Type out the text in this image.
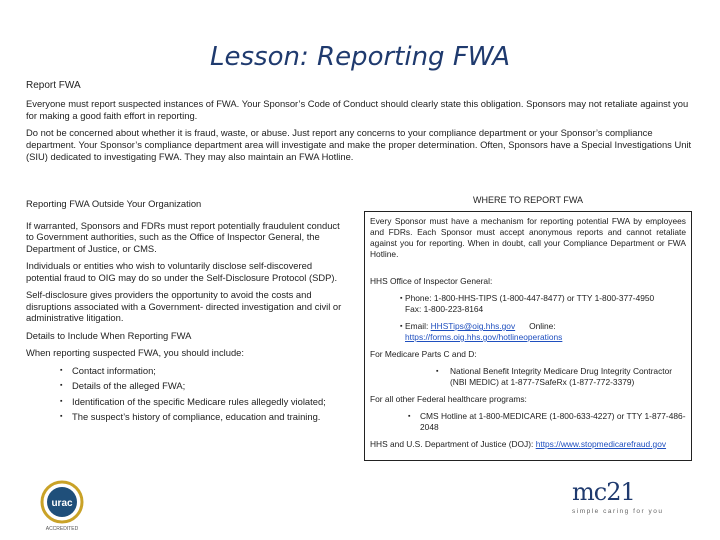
Lesson: Reporting FWA
Report FWA

Everyone must report suspected instances of FWA. Your Sponsor’s Code of Conduct should clearly state this obligation. Sponsors may not retaliate against you for making a good faith effort in reporting.

Do not be concerned about whether it is fraud, waste, or abuse. Just report any concerns to your compliance department or your Sponsor’s compliance department. Your Sponsor’s compliance department area will investigate and make the proper determination. Often, Sponsors have a Special Investigations Unit (SIU) dedicated to investigating FWA. They may also maintain an FWA Hotline.

Reporting FWA Outside Your Organization

If warranted, Sponsors and FDRs must report potentially fraudulent conduct to Government authorities, such as the Office of Inspector General, the Department of Justice, or CMS.

Individuals or entities who wish to voluntarily disclose self-discovered potential fraud to OIG may do so under the Self-Disclosure Protocol (SDP).

Self-disclosure gives providers the opportunity to avoid the costs and disruptions associated with a Government- directed investigation and civil or administrative litigation.

Details to Include When Reporting FWA

When reporting suspected FWA, you should include:

▪ Contact information;
▪ Details of the alleged FWA;
▪ Identification of the specific Medicare rules allegedly violated;
▪ The suspect’s history of compliance, education and training.
WHERE TO REPORT FWA

Every Sponsor must have a mechanism for reporting potential FWA by employees and FDRs. Each Sponsor must accept anonymous reports and cannot retaliate against you for reporting. When in doubt, call your Compliance Department or FWA Hotline.

HHS Office of Inspector General:

▪ Phone: 1-800-HHS-TIPS (1-800-447-8477) or TTY 1-800-377-4950
Fax: 1-800-223-8164
▪ Email: HHSTips@oig.hhs.gov Online:
https://forms.oig.hhs.gov/hotlineoperations

For Medicare Parts C and D:

▪ National Benefit Integrity Medicare Drug Integrity Contractor (NBI MEDIC) at 1-877-7SafeRx (1-877-772-3379)

For all other Federal healthcare programs:

▪ CMS Hotline at 1-800-MEDICARE (1-800-633-4227) or TTY 1-877-486-2048

HHS and U.S. Department of Justice (DOJ): https://www.stopmedicarefraud.gov

urac
ACCREDITED
mc21
simple caring for you
